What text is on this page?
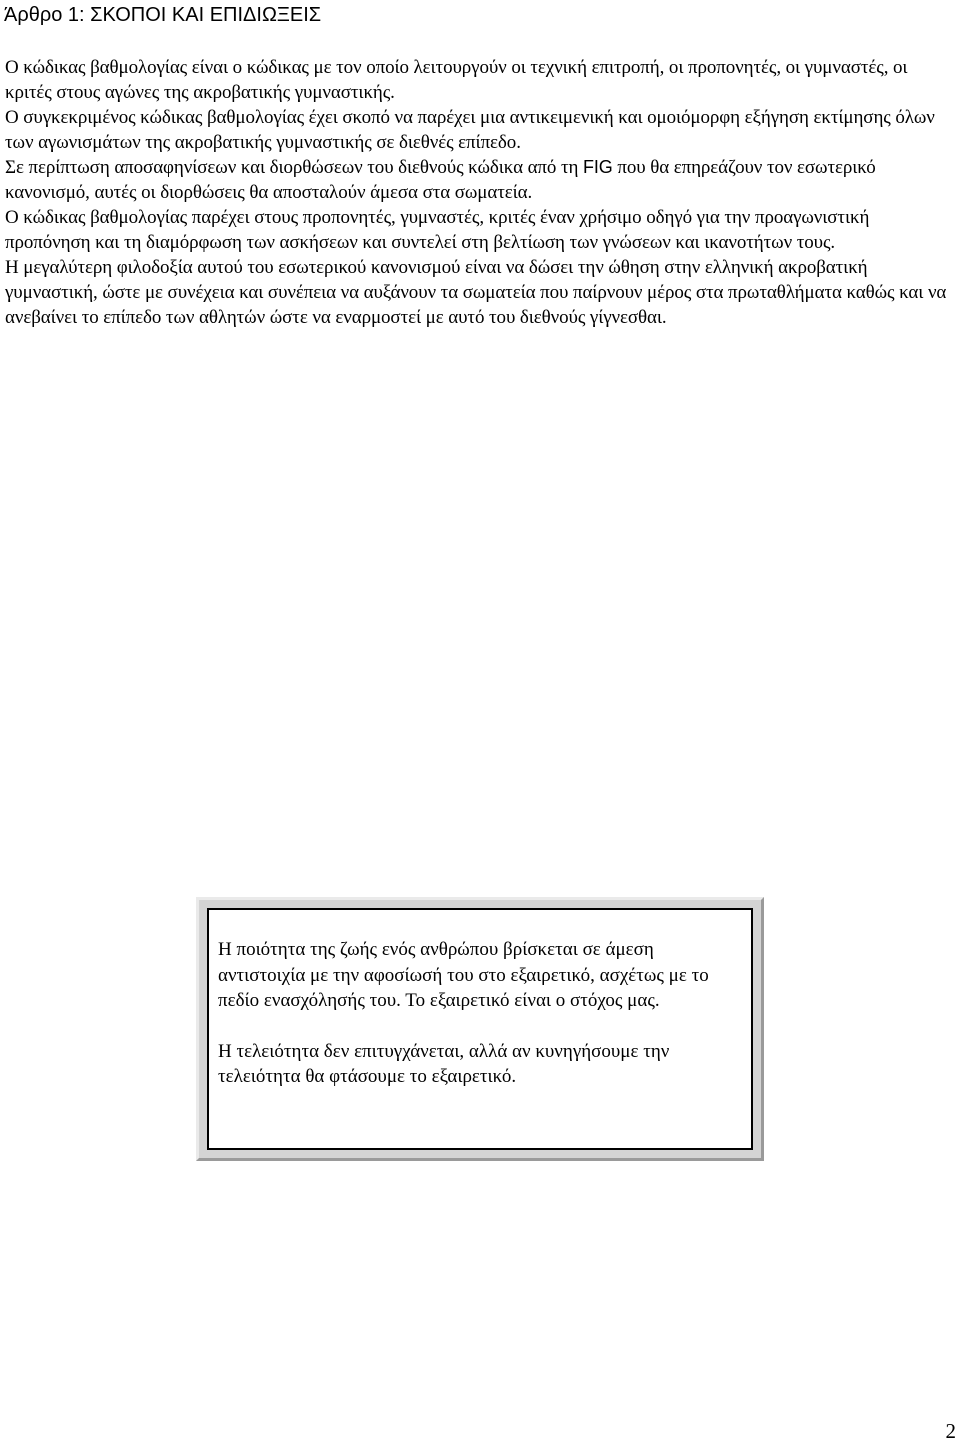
Άρθρο 1: ΣΚΟΠΟΙ ΚΑΙ ΕΠΙΔΙΩΞΕΙΣ

Ο κώδικας βαθμολογίας είναι ο κώδικας με τον οποίο λειτουργούν οι τεχνική επιτροπή, οι προπονητές, οι γυμναστές, οι κριτές στους αγώνες της ακροβατικής γυμναστικής.

Ο συγκεκριμένος κώδικας βαθμολογίας έχει σκοπό να παρέχει μια αντικειμενική και ομοιόμορφη εξήγηση εκτίμησης όλων των αγωνισμάτων της ακροβατικής γυμναστικής σε διεθνές επίπεδο.

Σε περίπτωση αποσαφηνίσεων και διορθώσεων του διεθνούς κώδικα από τη FIG που θα επηρεάζουν τον εσωτερικό κανονισμό, αυτές οι διορθώσεις θα αποσταλούν άμεσα στα σωματεία.

Ο κώδικας βαθμολογίας παρέχει στους προπονητές, γυμναστές, κριτές έναν χρήσιμο οδηγό για την προαγωνιστική προπόνηση και τη διαμόρφωση των ασκήσεων και συντελεί στη βελτίωση των γνώσεων και ικανοτήτων τους.

Η μεγαλύτερη φιλοδοξία αυτού του εσωτερικού κανονισμού είναι να δώσει την ώθηση στην ελληνική ακροβατική γυμναστική, ώστε με συνέχεια και συνέπεια να αυξάνουν τα σωματεία που παίρνουν μέρος στα πρωταθλήματα καθώς και να ανεβαίνει το επίπεδο των αθλητών ώστε να εναρμοστεί με αυτό του διεθνούς γίγνεσθαι.

Η ποιότητα της ζωής ενός ανθρώπου βρίσκεται σε άμεση αντιστοιχία με την αφοσίωσή του στο εξαιρετικό, ασχέτως με το πεδίο ενασχόλησής του. Το εξαιρετικό είναι ο στόχος μας.

Η τελειότητα δεν επιτυγχάνεται, αλλά αν κυνηγήσουμε την τελειότητα θα φτάσουμε το εξαιρετικό.

2
